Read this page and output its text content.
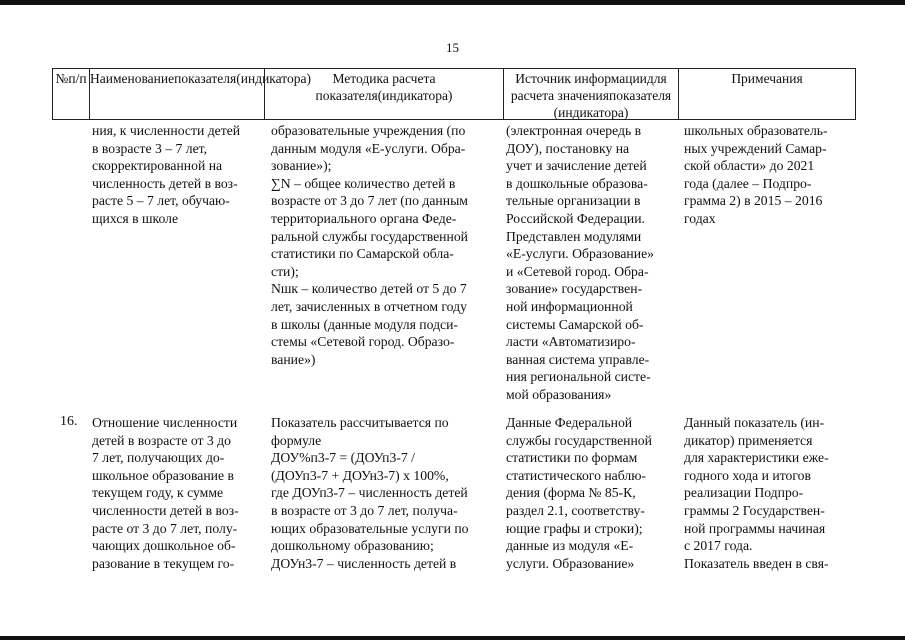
15
№п/п Наименованиепоказателя(индикатора)	Методика расчета показателя(индикатора)
Источник информациидля расчета значенияпоказателя (индикатора)
Примечания
ния, к численности детей
в возрасте 3 – 7 лет,
скорректированной на
численность детей в воз-
расте 5 – 7 лет, обучаю-
щихся в школе
образовательные учреждения (по
данным модуля «Е-услуги. Обра-
зование»);
∑N – общее количество детей в
возрасте от 3 до 7 лет (по данным
территориального органа Феде-
ральной службы государственной
статистики по Самарской обла-
сти);
Nшк – количество детей от 5 до 7
лет, зачисленных в отчетном году
в школы (данные модуля подси-
стемы «Сетевой город. Образо-
вание»)
(электронная очередь в
ДОУ), постановку на
учет и зачисление детей
в дошкольные образова-
тельные организации в
Российской Федерации.
Представлен модулями
«Е-услуги. Образование»
и «Сетевой город. Обра-
зование» государствен-
ной информационной
системы Самарской об-
ласти «Автоматизиро-
ванная система управле-
ния региональной систе-
мой образования»
школьных образователь-
ных учреждений Самар-
ской области» до 2021
года (далее – Подпро-
грамма 2) в 2015 – 2016
годах
16. Отношение численности
детей в возрасте от 3 до
7 лет, получающих до-
школьное образование в
текущем году, к сумме
численности детей в воз-
расте от 3 до 7 лет, полу-
чающих дошкольное об-
разование в текущем го-
Показатель рассчитывается по
формуле
ДОУ%п3-7 = (ДОУп3-7 /
(ДОУп3-7 + ДОУн3-7) х 100%,
где ДОУп3-7 – численность детей
в возрасте от 3 до 7 лет, получа-
ющих образовательные услуги по
дошкольному образованию;
ДОУн3-7 – численность детей в
Данные Федеральной
службы государственной
статистики по формам
статистического наблю-
дения (форма № 85-К,
раздел 2.1, соответству-
ющие графы и строки);
данные из модуля «Е-
услуги. Образование»
Данный показатель (ин-
дикатор) применяется
для характеристики еже-
годного хода и итогов
реализации Подпро-
граммы 2 Государствен-
ной программы начиная
с 2017 года.
Показатель введен в свя-
